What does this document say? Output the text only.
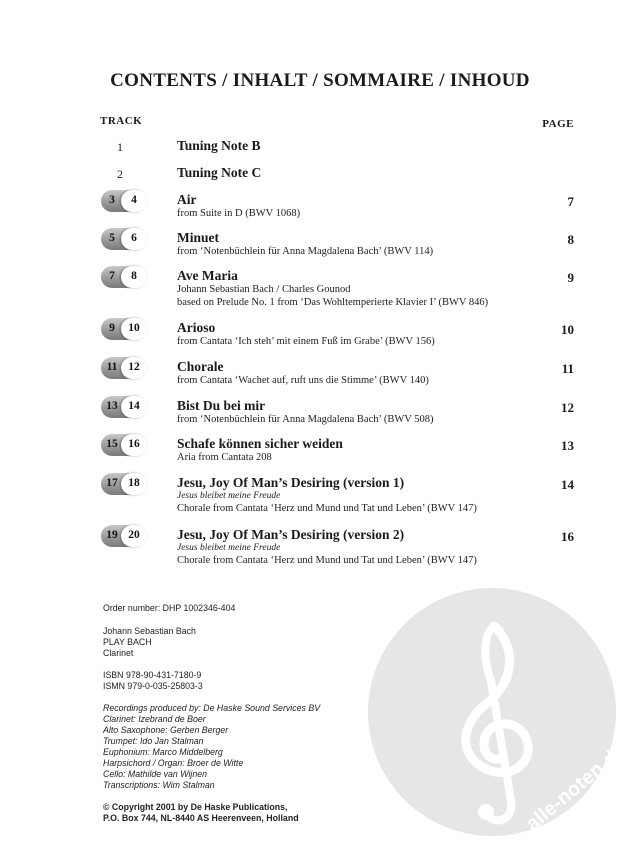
CONTENTS / INHALT / SOMMAIRE / INHOUD
TRACK	PAGE
1	Tuning Note B
2	Tuning Note C
3	4	Air
from Suite in D (BWV 1068)
7
5	6	Minuet
from ‘Notenbüchlein für Anna Magdalena Bach’ (BWV 114)
8
7	8	Ave Maria
Johann Sebastian Bach / Charles Gounod
based on Prelude No. 1 from ‘Das Wohltemperierte Klavier I’ (BWV 846)
9
9	10	Arioso
from Cantata ‘Ich steh’ mit einem Fuß im Grabe’ (BWV 156)
10
11 12	Chorale
from Cantata ‘Wachet auf, ruft uns die Stimme’ (BWV 140)
11
13 14	Bist Du bei mir
from ‘Notenbüchlein für Anna Magdalena Bach’ (BWV 508)
12
15 16	Schafe können sicher weiden
Aria from Cantata 208
13
17 18	Jesu, Joy Of Man’s Desiring (version 1)
Jesus bleibet meine Freude
Chorale from Cantata ‘Herz und Mund und Tat und Leben’ (BWV 147)
14
19 20	Jesu, Joy Of Man’s Desiring (version 2)
Jesus bleibet meine Freude
Chorale from Cantata ‘Herz und Mund und Tat und Leben’ (BWV 147)
16
alle-noten.de
Order number: DHP 1002346-404
Johann Sebastian Bach
PLAY BACH
Clarinet
ISBN 978-90-431-7180-9
ISMN 979-0-035-25803-3
Recordings produced by: De Haske Sound Services BV
Clarinet: Izebrand de Boer
Alto Saxophone: Gerben Berger
Trumpet: Ido Jan Stalman
Euphonium: Marco Middelberg
Harpsichord / Organ: Broer de Witte
Cello: Mathilde van Wijnen
Transcriptions: Wim Stalman
© Copyright 2001 by De Haske Publications,
P.O. Box 744, NL-8440 AS Heerenveen, Holland
